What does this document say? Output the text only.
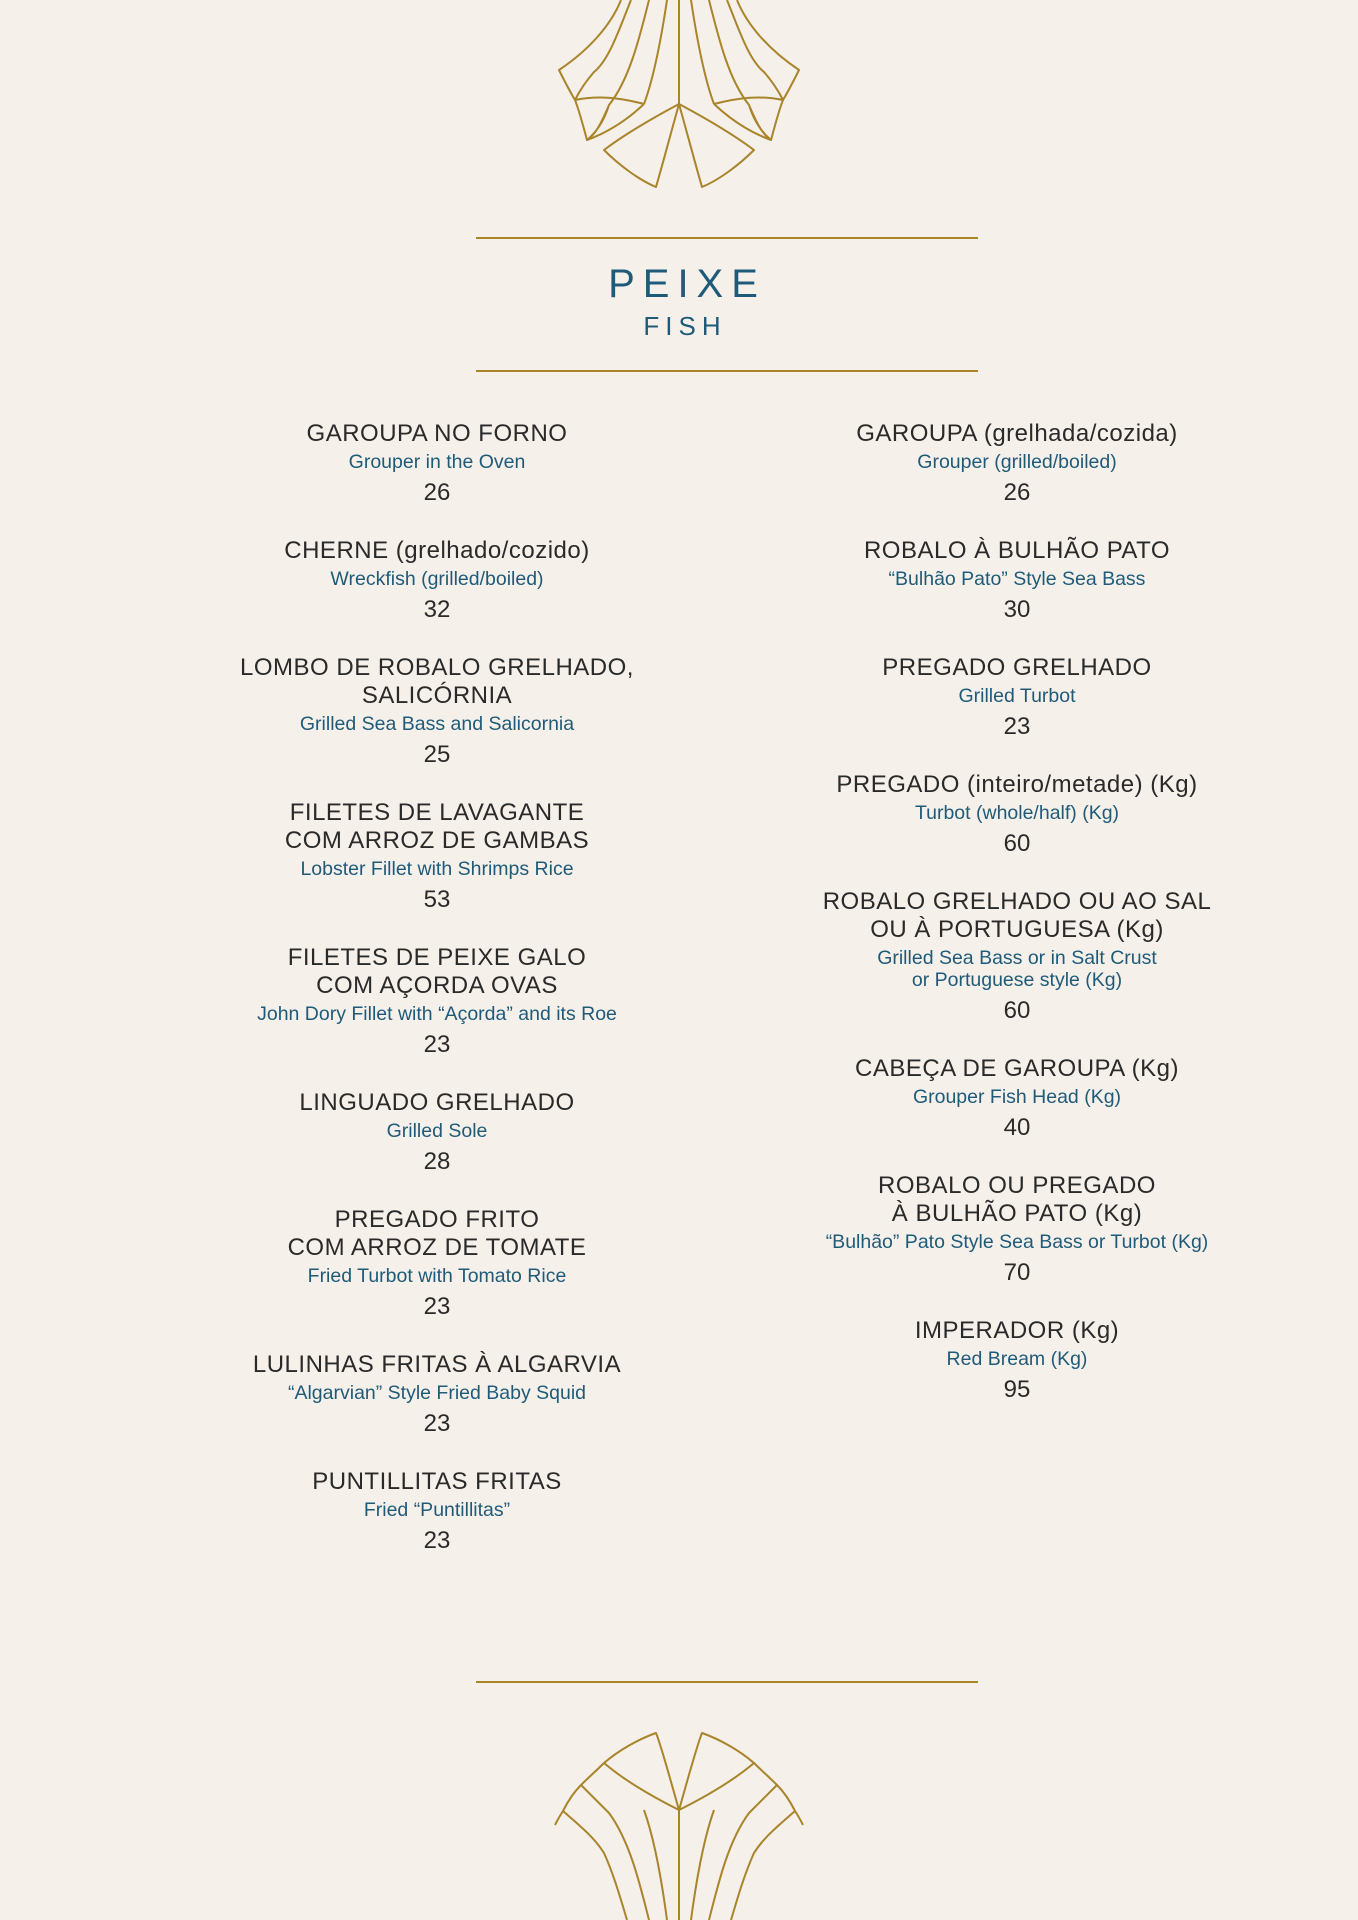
PEIXE
FISH
GAROUPA NO FORNO
Grouper in the Oven
26
CHERNE (grelhado/cozido)
Wreckfish (grilled/boiled)
32
LOMBO DE ROBALO GRELHADO,
SALICÓRNIA
Grilled Sea Bass and Salicornia
25
FILETES DE LAVAGANTE
COM ARROZ DE GAMBAS
Lobster Fillet with Shrimps Rice
53
FILETES DE PEIXE GALO
COM AÇORDA OVAS
John Dory Fillet with “Açorda” and its Roe
23
LINGUADO GRELHADO
Grilled Sole
28
PREGADO FRITO
COM ARROZ DE TOMATE
Fried Turbot with Tomato Rice
23
LULINHAS FRITAS À ALGARVIA
“Algarvian” Style Fried Baby Squid
23
PUNTILLITAS FRITAS
Fried “Puntillitas”
23
GAROUPA (grelhada/cozida)
Grouper (grilled/boiled)
26
ROBALO À BULHÃO PATO
“Bulhão Pato” Style Sea Bass
30
PREGADO GRELHADO
Grilled Turbot
23
PREGADO (inteiro/metade) (Kg)
Turbot (whole/half) (Kg)
60
ROBALO GRELHADO OU AO SAL
OU À PORTUGUESA (Kg)
Grilled Sea Bass or in Salt Crust
or Portuguese style (Kg)
60
CABEÇA DE GAROUPA (Kg)
Grouper Fish Head (Kg)
40
ROBALO OU PREGADO
À BULHÃO PATO (Kg)
“Bulhão” Pato Style Sea Bass or Turbot (Kg)
70
IMPERADOR (Kg)
Red Bream (Kg)
95
